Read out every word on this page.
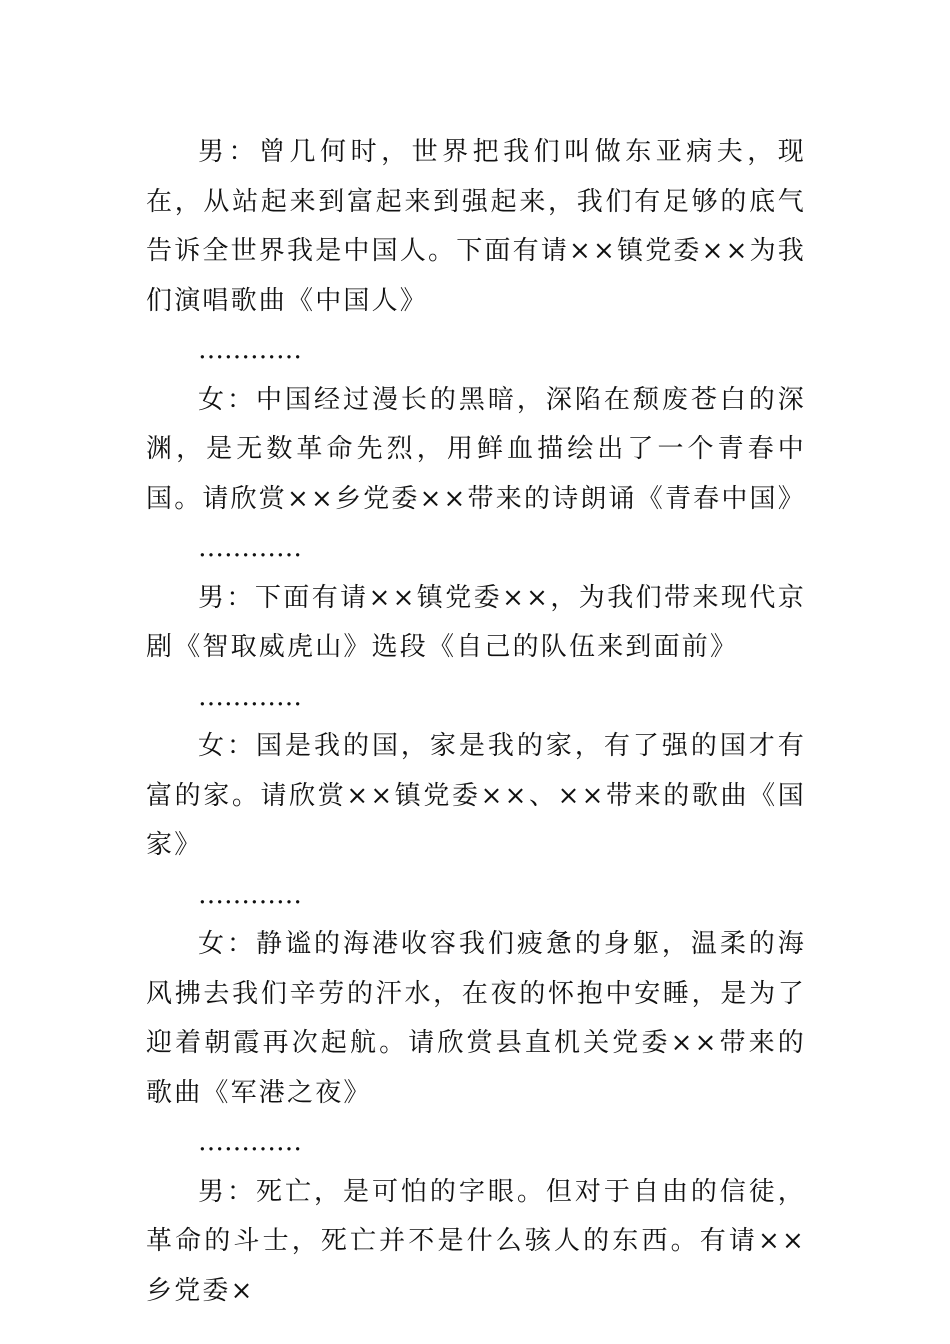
男：曾几何时，世界把我们叫做东亚病夫，现在，从站起来到富起来到强起来，我们有足够的底气告诉全世界我是中国人。下面有请××镇党委××为我们演唱歌曲《中国人》

…………

女：中国经过漫长的黑暗，深陷在颓废苍白的深渊，是无数革命先烈，用鲜血描绘出了一个青春中国。请欣赏××乡党委××带来的诗朗诵《青春中国》

…………

男：下面有请××镇党委××，为我们带来现代京剧《智取威虎山》选段《自己的队伍来到面前》

…………

女：国是我的国，家是我的家，有了强的国才有富的家。请欣赏××镇党委××、××带来的歌曲《国家》

…………

女：静谧的海港收容我们疲惫的身躯，温柔的海风拂去我们辛劳的汗水，在夜的怀抱中安睡，是为了迎着朝霞再次起航。请欣赏县直机关党委××带来的歌曲《军港之夜》

…………

男：死亡，是可怕的字眼。但对于自由的信徒，革命的斗士，死亡并不是什么骇人的东西。有请××乡党委×
